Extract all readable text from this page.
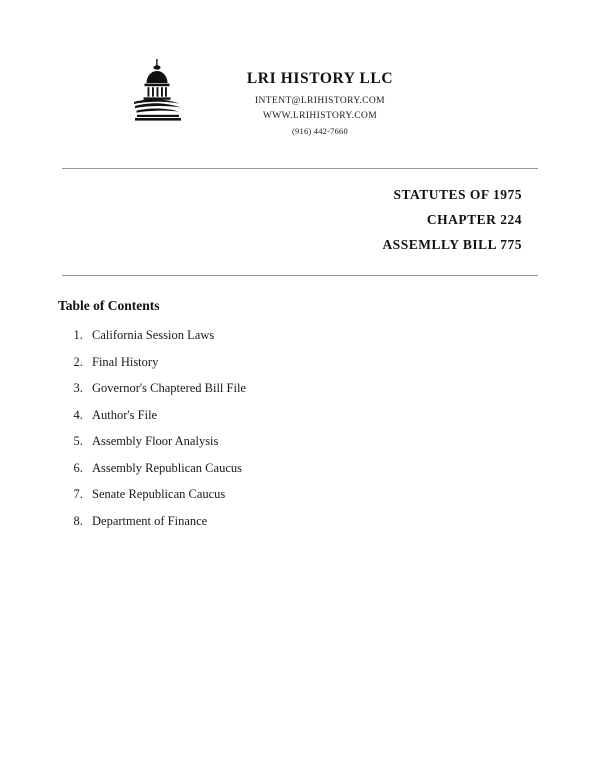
LRI HISTORY LLC
INTENT@LRIHISTORY.COM
WWW.LRIHISTORY.COM
(916) 442-7660
STATUTES OF 1975
CHAPTER 224
ASSEMLLY BILL 775
Table of Contents
1. California Session Laws
2. Final History
3. Governor's Chaptered Bill File
4. Author's File
5. Assembly Floor Analysis
6. Assembly Republican Caucus
7. Senate Republican Caucus
8. Department of Finance
